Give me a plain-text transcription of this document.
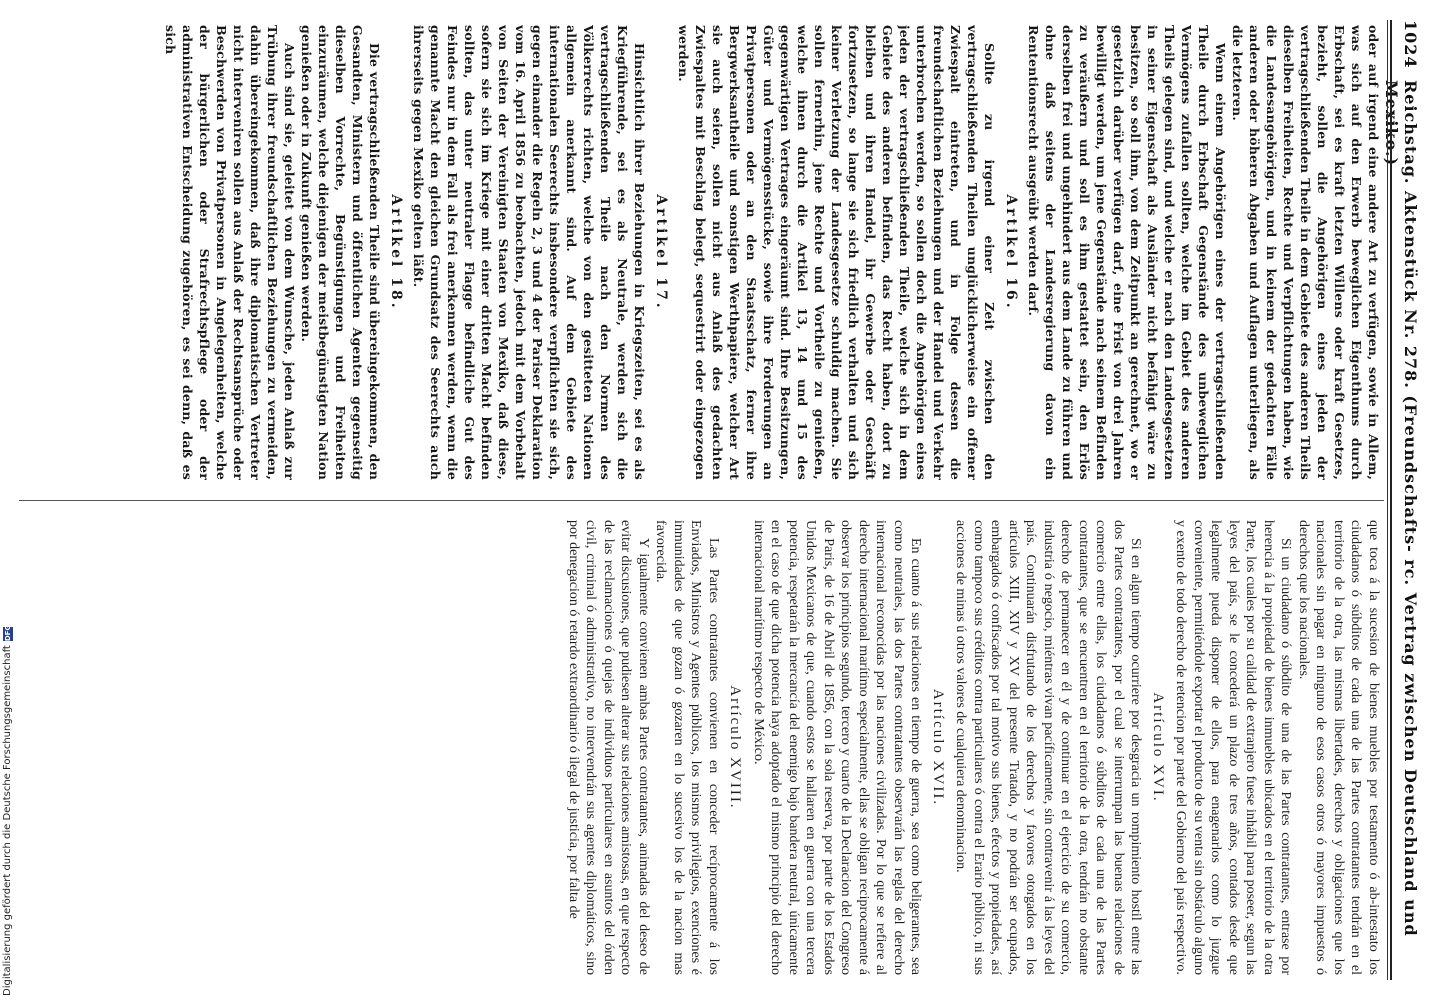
1024
Reichstag. Aktenstück Nr. 278. (Freundschafts- rc. Vertrag zwischen Deutschland und Mexiko.)

oder auf irgend eine andere Art zu verfügen, sowie in Allem, was sich auf den Erwerb beweglichen Eigenthums durch Erbschaft, sei es kraft letzten Willens oder kraft Gesetzes, bezieht, sollen die Angehörigen eines jeden der vertragschließenden Theile in dem Gebiete des anderen Theils dieselben Freiheiten, Rechte und Verpflichtungen haben, wie die Landesangehörigen, und in keinem der gedachten Fälle anderen oder höheren Abgaben und Auflagen unterliegen, als die letzteren.

Wenn einem Angehörigen eines der vertragschließenden Theile durch Erbschaft Gegenstände des unbeweglichen Vermögens zufallen sollten, welche im Gebiet des anderen Theils gelegen sind, und welche er nach den Landesgesetzen in seiner Eigenschaft als Ausländer nicht befähigt wäre zu besitzen, so soll ihm, von dem Zeitpunkt an gerechnet, wo er gesetzlich darüber verfügen darf, eine Frist von drei Jahren bewilligt werden, um jene Gegenstände nach seinem Befinden zu veräußern und soll es ihm gestattet sein, den Erlös derselben frei und ungehindert aus dem Lande zu führen und ohne daß seitens der Landesregierung davon ein Rententionsrecht ausgeübt werden darf.

Artikel 16.

Sollte zu irgend einer Zeit zwischen den vertragschließenden Theilen unglücklicherweise ein offener Zwiespalt eintreten, und in Folge dessen die freundschaftlichen Beziehungen und der Handel und Verkehr unterbrochen werden, so sollen doch die Angehörigen eines jeden der vertragschließenden Theile, welche sich in dem Gebiete des anderen befinden, das Recht haben, dort zu bleiben und ihren Handel, ihr Gewerbe oder Geschäft fortzusetzen, so lange sie sich friedlich verhalten und sich keiner Verletzung der Landesgesetze schuldig machen. Sie sollen fernerhin, jene Rechte und Vortheile zu genießen, welche ihnen durch die Artikel 13, 14 und 15 des gegenwärtigen Vertrages eingeräumt sind. Ihre Besitzungen, Güter und Vermögensstücke, sowie ihre Forderungen an Privatpersonen oder an den Staatsschatz, ferner ihre Bergwerksantheile und sonstigen Werthpapiere, welcher Art sie auch seien, sollen nicht aus Anlaß des gedachten Zwiespaltes mit Beschlag belegt, sequestrirt oder eingezogen werden.

Artikel 17.

Hinsichtlich ihrer Beziehungen in Kriegszeiten, sei es als Kriegführende, sei es als Neutrale, werden sich die vertragschließenden Theile nach den Normen des Völkerrechts richten, welche von den gesitteten Nationen allgemein anerkannt sind. Auf dem Gebiete des internationalen Seerechts insbesondere verpflichten sie sich, gegen einander die Regeln 2, 3 und 4 der Pariser Deklaration vom 16. April 1856 zu beobachten, jedoch mit dem Vorbehalt von Seiten der Vereinigten Staaten von Mexiko, daß diese, sofern sie sich im Kriege mit einer dritten Macht befinden sollten, das unter neutraler Flagge befindliche Gut des Feindes nur in dem Fall als frei anerkennen werden, wenn die genannte Macht den gleichen Grundsatz des Seerechts auch ihrerseits gegen Mexiko gelten läßt.

Artikel 18.

Die vertragschließenden Theile sind übereingekommen, den Gesandten, Ministern und öffentlichen Agenten gegenseitig dieselben Vorrechte, Begünstigungen und Freiheiten einzuräumen, welche diejenigen der meistbegünstigten Nation genießen oder in Zukunft genießen werden.

Auch sind sie, geleitet von dem Wunsche, jeden Anlaß zur Trübung ihrer freundschaftlichen Beziehungen zu vermeiden, dahin übereingekommen, daß ihre diplomatischen Vertreter nicht interveniren sollen aus Anlaß der Rechtsansprüche oder Beschwerden von Privatpersonen in Angelegenheiten, welche der bürgerlichen oder Strafrechtspflege oder der administrativen Entscheidung zugehören, es sei denn, daß es sich

que toca á la sucesion de bienes muebles por testamento ó ab-intestato los ciudadanos ó súbditos de cada una de las Partes contratantes tendrán en el territorio de la otra, las mismas libertades, derechos y obligaciones que los nacionales sin pagar en ninguno de esos casos otros ó mayores impuestos ó derechos que los nacionales.

Si un ciudadano ó súbdito de una de las Partes contratantes, entrase por herencia á la propiedad de bienes inmuebles ubicados en el territorio de la otra Parte, los cuales por su calidad de extranjero fuese inhábil para poseer, segun las leyes del país, se le concederá un plazo de tres años, contados desde que legalmente pueda disponer de ellos, para enagenarlos como lo juzgue conveniente, permitiéndole exportar el producto de su venta sin obstáculo alguno y exento de todo derecho de retencion por parte del Gobierno del país respectivo.

Artículo XVI.

Si en algun tiempo ocurriere por desgracia un rompimiento hostil entre las dos Partes contratantes, por el cual se interrumpan las buenas relaciones de comercio entre ellas, los ciudadanos ó súbditos de cada una de las Partes contratantes, que se encuentren en el territorio de la otra, tendrán no obstante derecho de permanecer en él y de continuar en el ejercicio de su comercio, industria ó negocio, miéntras vivan pacíficamente, sin contravenir á las leyes del país. Continuarán disfrutando de los derechos y favores otorgados en los artículos XIII, XIV y XV del presente Tratado, y no podrán ser ocupados, embargados ó confiscados por tal motivo sus bienes, efectos y propiedades, así como tampoco sus créditos contra particulares ó contra el Erario público, ni sus acciones de minas ú otros valores de cualquiera denominacion.

Artículo XVII.

En cuanto á sus relaciones en tiempo de guerra, sea como beligerantes, sea como neutrales, las dos Partes contratantes observarán las reglas del derecho internacional reconocidas por las naciones civilizadas. Por lo que se refiere al derecho internacional marítimo especialmente, ellas se obligan reciprocamente á observar los principios segundo, tercero y cuarto de la Declaracion del Congreso de Paris, de 16 de Abril de 1856, con la sola reserva, por parte de los Estados Unidos Mexicanos de que, cuando estos se hallaren en guerra con una tercera potencia, respetarán la mercancía del enemigo bajo bandera neutral, únicamente en el caso de que dicha potencia haya adoptado el mismo principio del derecho internacional marítimo respecto de México.

Artículo XVIII.

Las Partes contratantes convienen en conceder recíprocamente á los Enviados, Ministros y Agentes públicos, los mismos privilegios, exenciones é inmunidades de que gozan ó gozaren en lo sucesivo los de la nacion mas favorecida.

Y igualmente convienen ambas Partes contratantes, animadas del deseo de evitar discusiones, que pudiesen alterar sus relaciones amistosas, en que respecto de las reclamaciones ó quejas de individuos particulares en asuntos del órden civil, criminal ó administrativo, no intervendrán sus agentes diplomáticos, sino por denegacion ó retardo extraordinario ó ilegal de justicia, por falta de

Digitalisierung gefördert durch die Deutsche Forschungsgemeinschaft
DFG
